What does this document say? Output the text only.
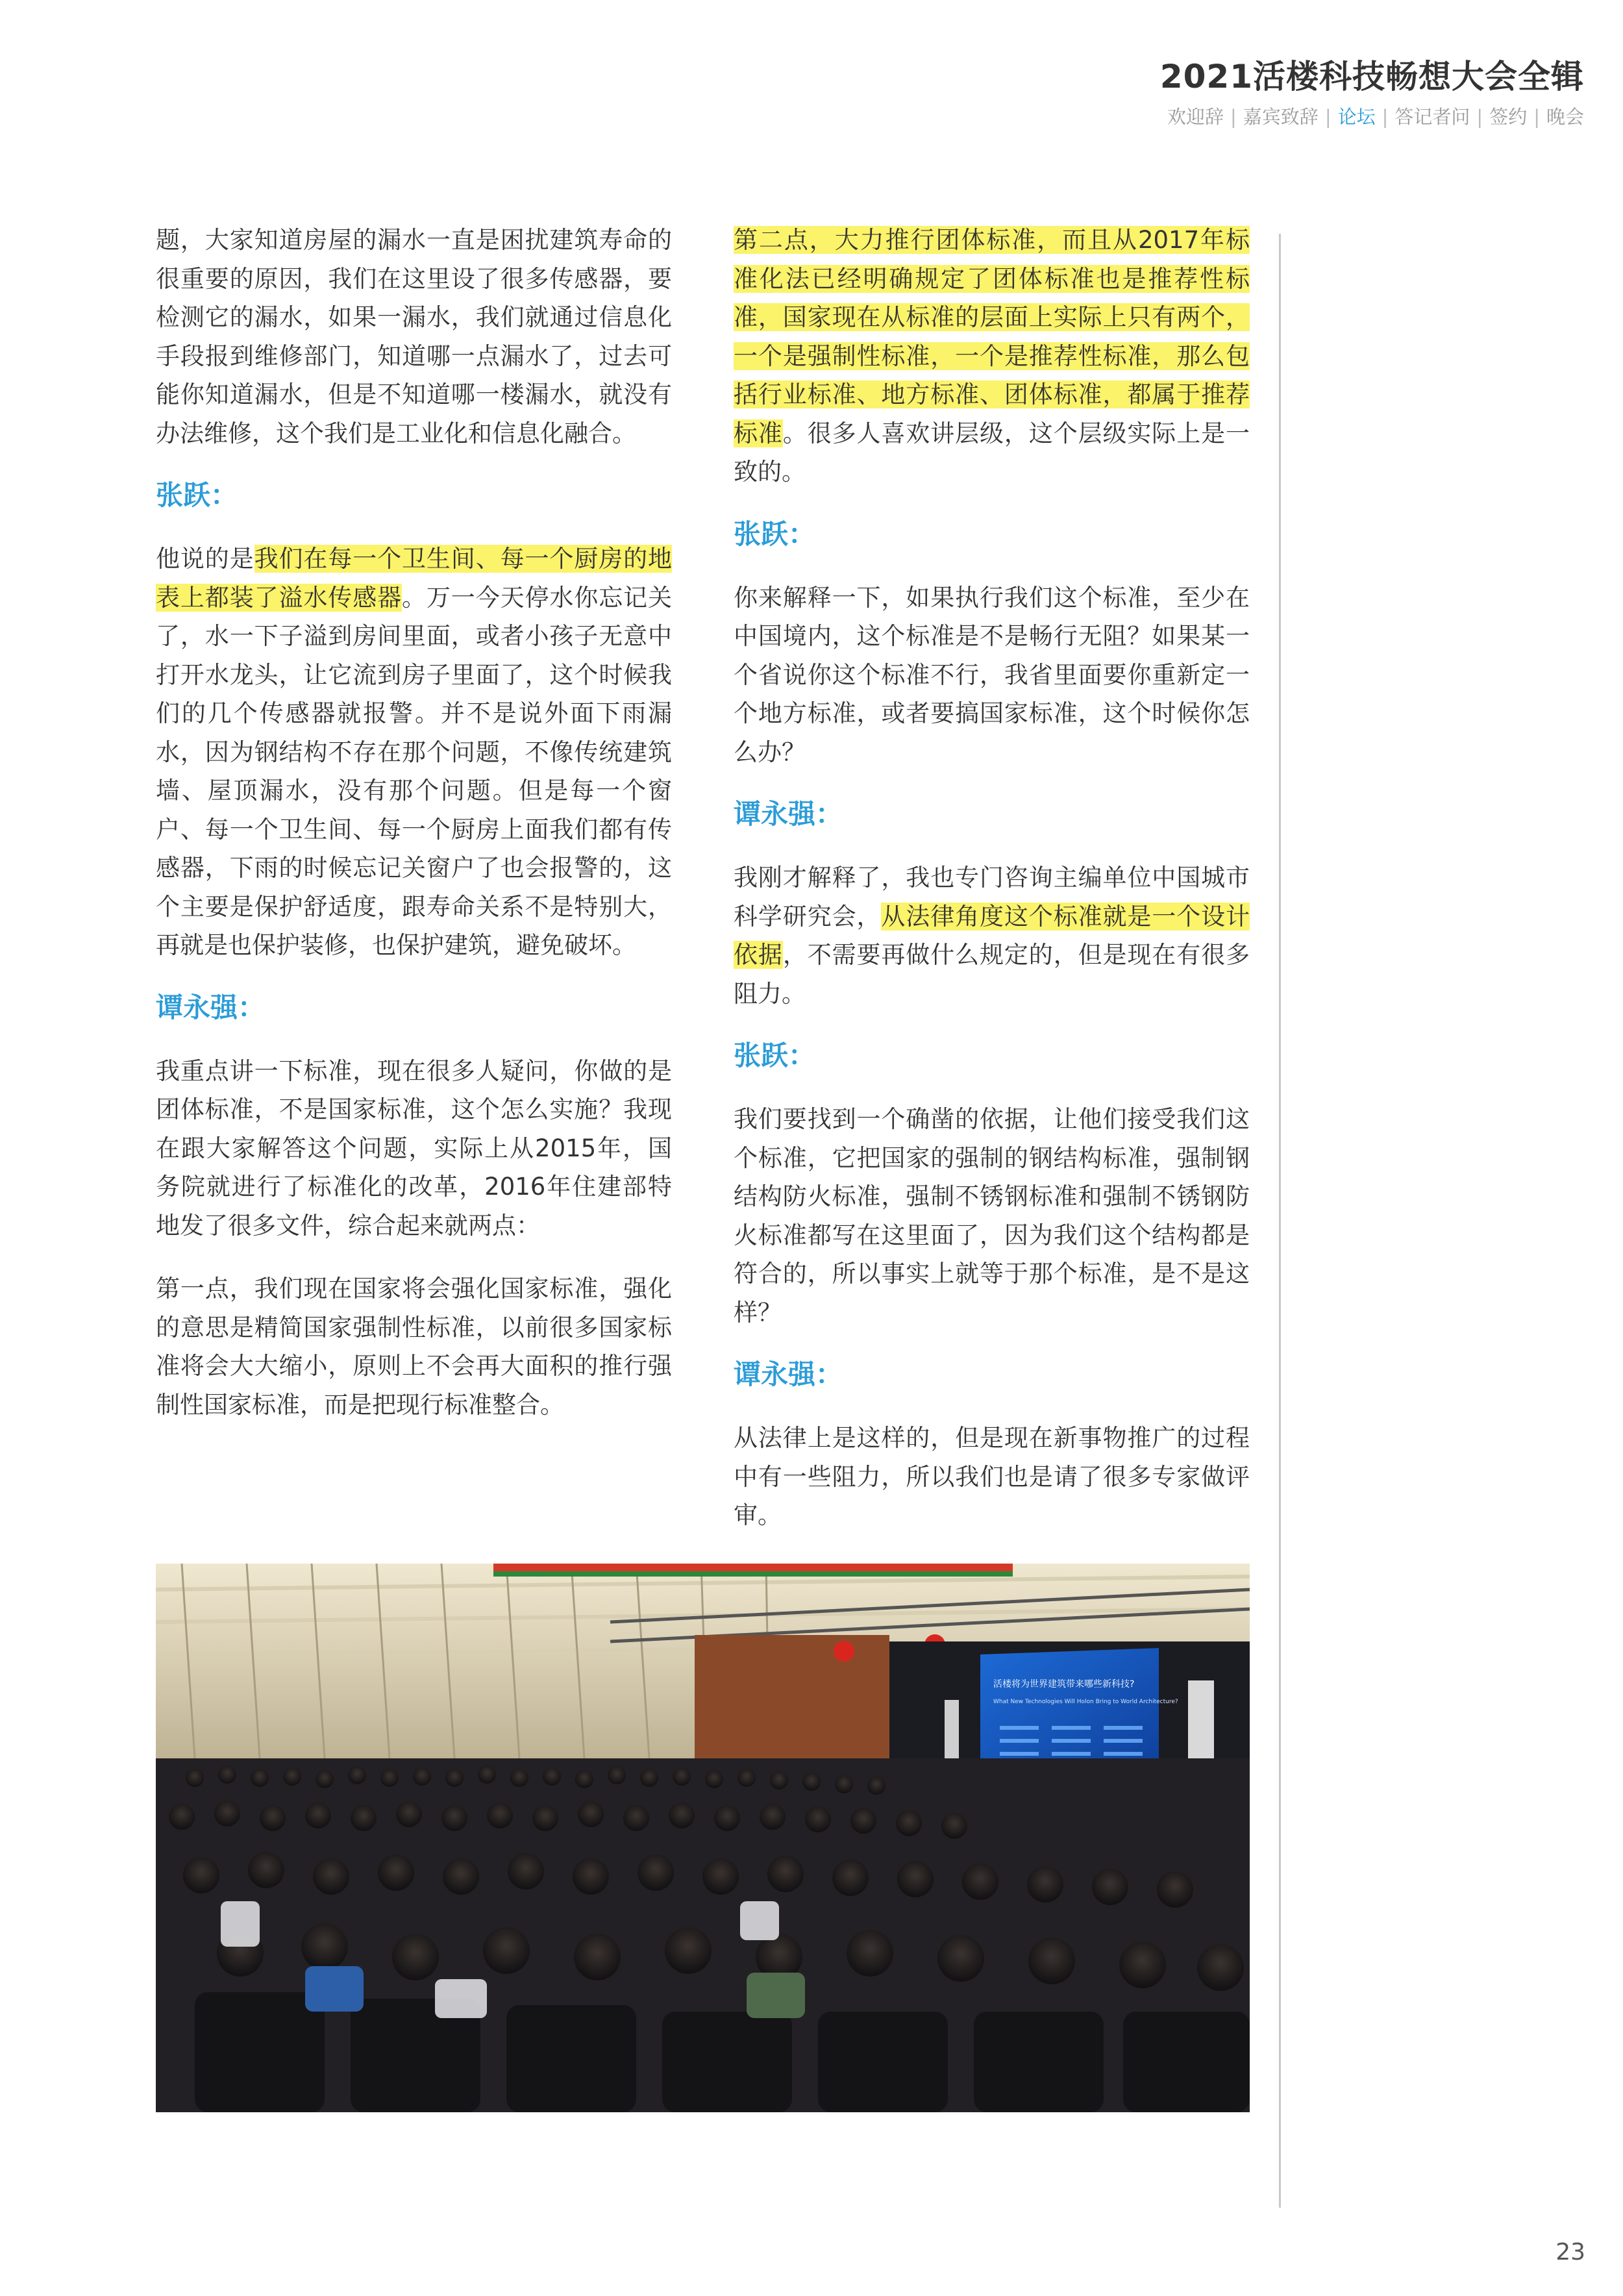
2021活楼科技畅想大会全辑
欢迎辞 | 嘉宾致辞 | 论坛 | 答记者问 | 签约 | 晚会

题，大家知道房屋的漏水一直是困扰建筑寿命的很重要的原因，我们在这里设了很多传感器，要检测它的漏水，如果一漏水，我们就通过信息化手段报到维修部门，知道哪一点漏水了，过去可能你知道漏水，但是不知道哪一楼漏水，就没有办法维修，这个我们是工业化和信息化融合。

张跃：

他说的是我们在每一个卫生间、每一个厨房的地表上都装了溢水传感器。万一今天停水你忘记关了，水一下子溢到房间里面，或者小孩子无意中打开水龙头，让它流到房子里面了，这个时候我们的几个传感器就报警。并不是说外面下雨漏水，因为钢结构不存在那个问题，不像传统建筑墙、屋顶漏水，没有那个问题。但是每一个窗户、每一个卫生间、每一个厨房上面我们都有传感器，下雨的时候忘记关窗户了也会报警的，这个主要是保护舒适度，跟寿命关系不是特别大，再就是也保护装修，也保护建筑，避免破坏。

谭永强：

我重点讲一下标准，现在很多人疑问，你做的是团体标准，不是国家标准，这个怎么实施？我现在跟大家解答这个问题，实际上从2015年，国务院就进行了标准化的改革，2016年住建部特地发了很多文件，综合起来就两点：

第一点，我们现在国家将会强化国家标准，强化的意思是精简国家强制性标准，以前很多国家标准将会大大缩小，原则上不会再大面积的推行强制性国家标准，而是把现行标准整合。

第二点，大力推行团体标准，而且从2017年标准化法已经明确规定了团体标准也是推荐性标准，国家现在从标准的层面上实际上只有两个，一个是强制性标准，一个是推荐性标准，那么包括行业标准、地方标准、团体标准，都属于推荐标准。很多人喜欢讲层级，这个层级实际上是一致的。

张跃：

你来解释一下，如果执行我们这个标准，至少在中国境内，这个标准是不是畅行无阻？如果某一个省说你这个标准不行，我省里面要你重新定一个地方标准，或者要搞国家标准，这个时候你怎么办？

谭永强：

我刚才解释了，我也专门咨询主编单位中国城市科学研究会，从法律角度这个标准就是一个设计依据，不需要再做什么规定的，但是现在有很多阻力。

张跃：

我们要找到一个确凿的依据，让他们接受我们这个标准，它把国家的强制的钢结构标准，强制钢结构防火标准，强制不锈钢标准和强制不锈钢防火标准都写在这里面了，因为我们这个结构都是符合的，所以事实上就等于那个标准，是不是这样？

谭永强：

从法律上是这样的，但是现在新事物推广的过程中有一些阻力，所以我们也是请了很多专家做评审。

活楼将为世界建筑带来哪些新科技?
What New Technologies Will Holon Bring to World Architecture?
23
